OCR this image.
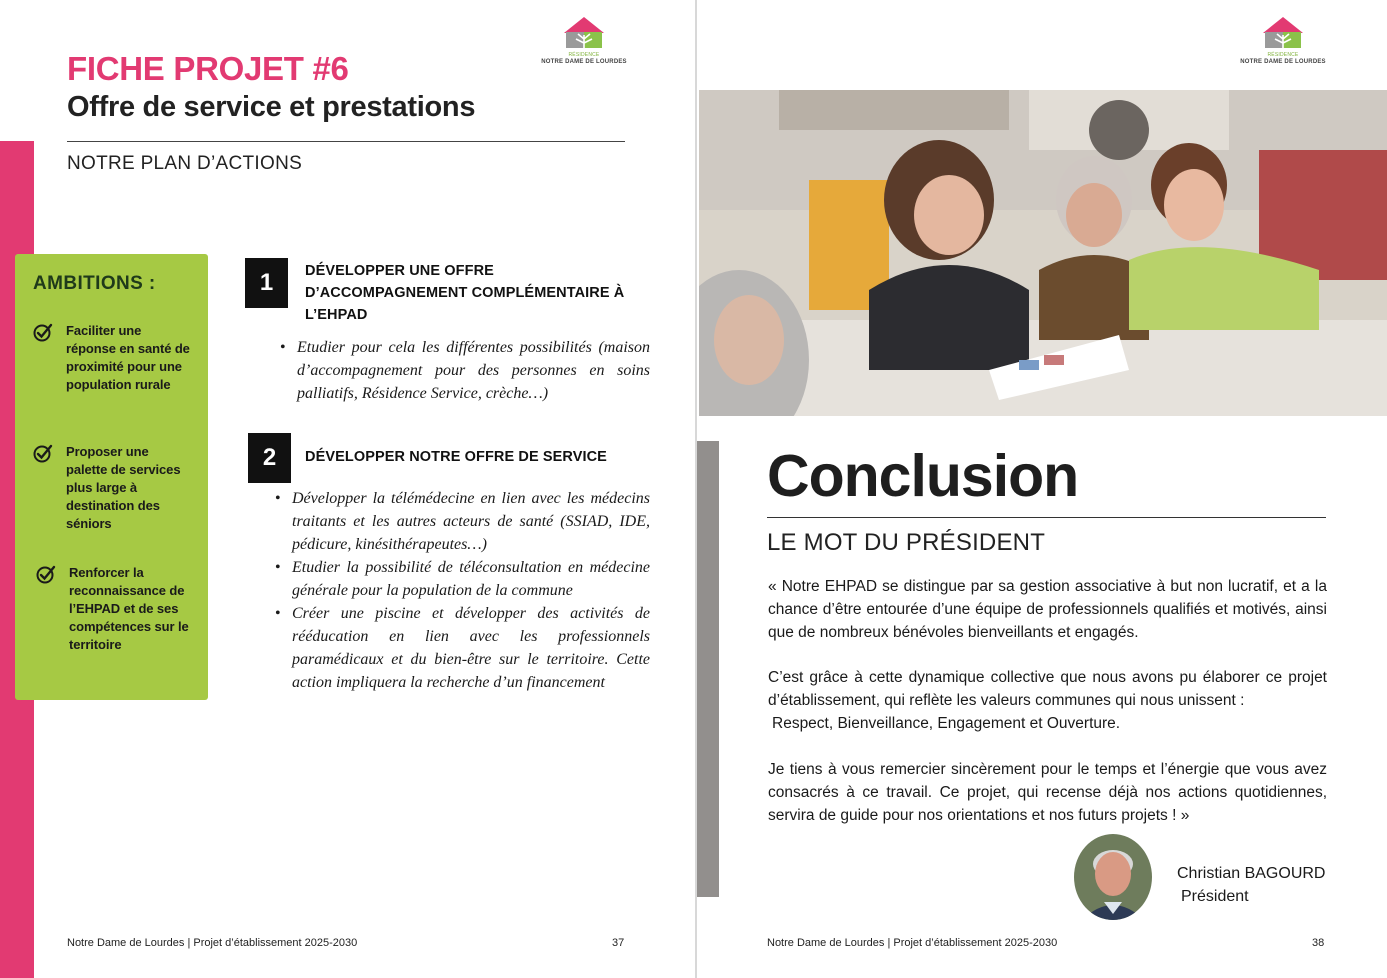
RÉSIDENCE
NOTRE DAME DE LOURDES
FICHE PROJET #6
Offre de service et prestations
NOTRE PLAN D’ACTIONS
AMBITIONS :
Faciliter une réponse en santé de proximité pour une population rurale
Proposer une palette de services plus large à destination des séniors
Renforcer la reconnaissance de l’EHPAD et de ses compétences sur le territoire
1	DÉVELOPPER UNE OFFRE D’ACCOMPAGNEMENT COMPLÉMENTAIRE À L’EHPAD
• Etudier pour cela les différentes possibilités (maison d’accompagnement pour des personnes en soins palliatifs, Résidence Service, crèche…)
2	DÉVELOPPER NOTRE OFFRE DE SERVICE
• Développer la télémédecine en lien avec les médecins traitants et les autres acteurs de santé (SSIAD, IDE, pédicure, kinésithérapeutes…)
• Etudier la possibilité de téléconsultation en médecine générale pour la population de la commune
• Créer une piscine et développer des activités de rééducation en lien avec les professionnels paramédicaux et du bien-être sur le territoire. Cette action impliquera la recherche d’un financement
Notre Dame de Lourdes | Projet d’établissement 2025-2030	37
RÉSIDENCE
NOTRE DAME DE LOURDES
Conclusion
LE MOT DU PRÉSIDENT

« Notre EHPAD se distingue par sa gestion associative à but non lucratif, et a la chance d’être entourée d’une équipe de professionnels qualifiés et motivés, ainsi que de nombreux bénévoles bienveillants et engagés.

C’est grâce à cette dynamique collective que nous avons pu élaborer ce projet d’établissement, qui reflète les valeurs communes qui nous unissent :

Respect, Bienveillance, Engagement et Ouverture.

Je tiens à vous remercier sincèrement pour le temps et l’énergie que vous avez consacrés à ce travail. Ce projet, qui recense déjà nos actions quotidiennes, servira de guide pour nos orientations et nos futurs projets ! »

Christian BAGOURD
Président
Notre Dame de Lourdes | Projet d’établissement 2025-2030	38
